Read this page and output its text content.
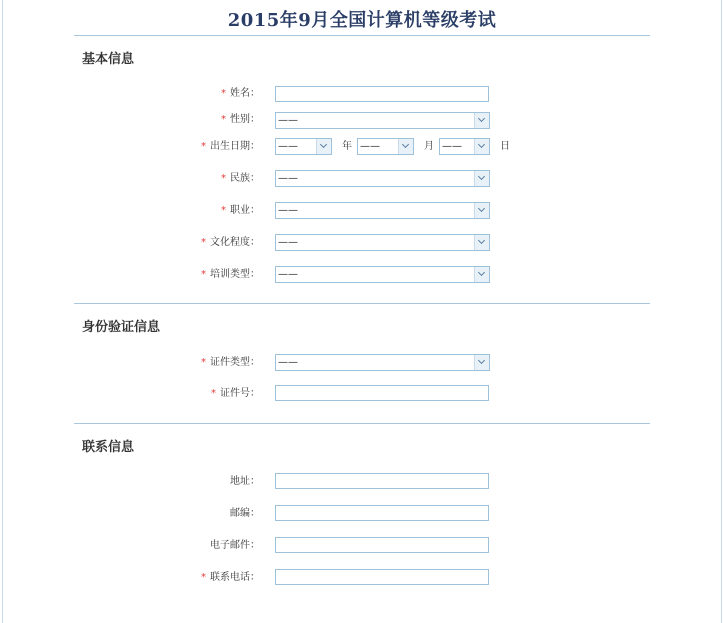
2015年9月全国计算机等级考试
基本信息
* 姓名：
* 性别：	——
* 出生日期：	——	年 ——	月 ——	日
* 民族：	——
* 职业：	——
* 文化程度：	——
* 培训类型：	——
身份验证信息
* 证件类型：	——
* 证件号：
联系信息
地址：
邮编：
电子邮件：
* 联系电话：
